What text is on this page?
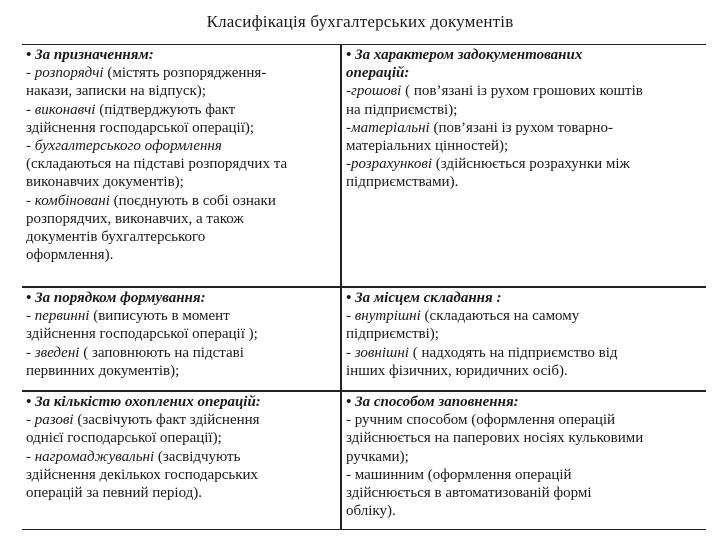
Класифікація бухгалтерських документів
• За призначенням:
- розпорядчі (містять розпорядження-
накази, записки на відпуск);
- виконавчі (підтверджують факт
здійснення господарської операції);
- бухгалтерського оформлення
(складаються на підставі розпорядчих та
виконавчих документів);
- комбіновані (поєднують в собі ознаки
розпорядчих, виконавчих, а також
документів бухгалтерського
оформлення).
• За характером задокументованих
операцій:
-грошові ( пов’язані із рухом грошових коштів
на підприємстві);
-матеріальні (пов’язані із рухом товарно-
матеріальних цінностей);
-розрахункові (здійснюється розрахунки між
підприємствами).
• За порядком формування:
- первинні (виписують в момент
здійснення господарської операції );
- зведені ( заповнюють на підставі
первинних документів);
• За місцем складання :
- внутрішні (складаються на самому
підприємстві);
- зовнішні ( надходять на підприємство від
інших фізичних, юридичних осіб).
• За кількістю охоплених операцій:
- разові (засвічують факт здійснення
однієї господарської операції);
- нагромаджувальні (засвідчують
здійснення декількох господарських
операцій за певний період).
• За способом заповнення:
- ручним способом (оформлення операцій
здійснюється на паперових носіях кульковими
ручками);
- машинним (оформлення операцій
здійснюється в автоматизованій формі
обліку).
